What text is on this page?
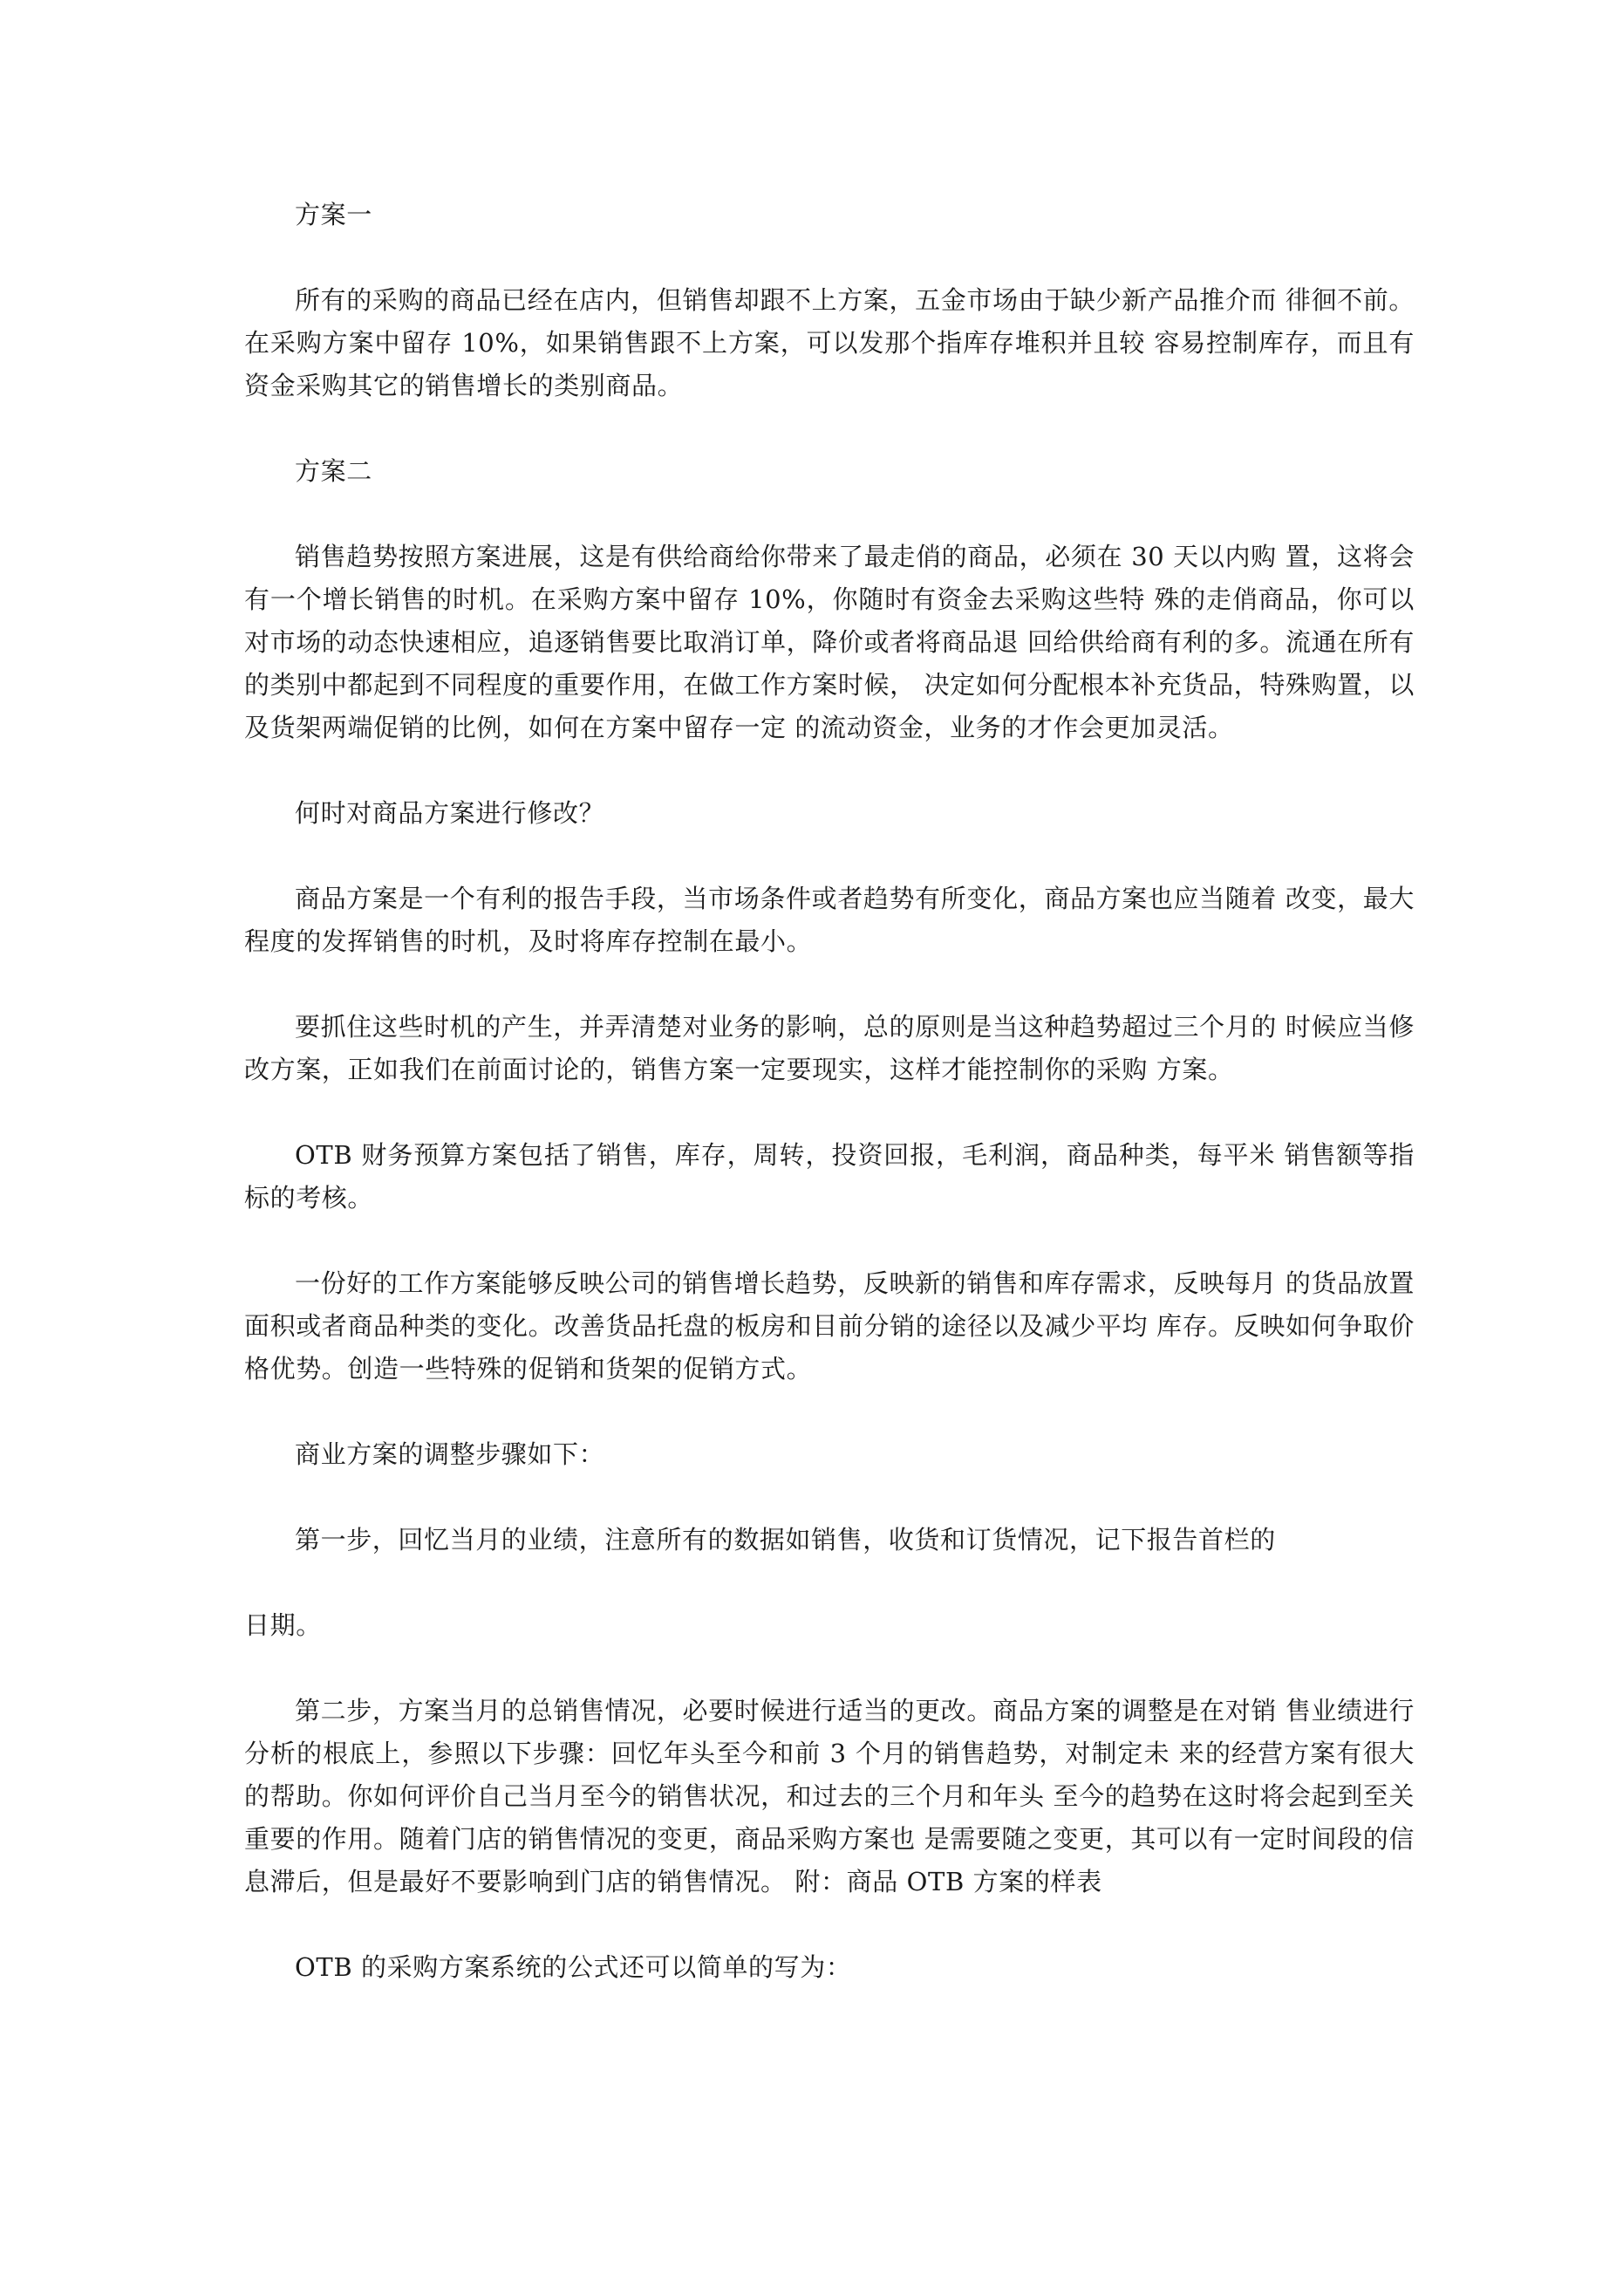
方案一

所有的采购的商品已经在店内，但销售却跟不上方案，五金市场由于缺少新产品推介而 徘徊不前。在采购方案中留存 10%，如果销售跟不上方案，可以发那个指库存堆积并且较 容易控制库存，而且有资金采购其它的销售增长的类别商品。

方案二

销售趋势按照方案进展，这是有供给商给你带来了最走俏的商品，必须在 30 天以内购 置，这将会有一个增长销售的时机。在采购方案中留存 10%，你随时有资金去采购这些特 殊的走俏商品，你可以对市场的动态快速相应，追逐销售要比取消订单，降价或者将商品退 回给供给商有利的多。流通在所有的类别中都起到不同程度的重要作用，在做工作方案时候， 决定如何分配根本补充货品，特殊购置，以及货架两端促销的比例，如何在方案中留存一定 的流动资金，业务的才作会更加灵活。

何时对商品方案进行修改？

商品方案是一个有利的报告手段，当市场条件或者趋势有所变化，商品方案也应当随着 改变，最大程度的发挥销售的时机，及时将库存控制在最小。

要抓住这些时机的产生，并弄清楚对业务的影响，总的原则是当这种趋势超过三个月的 时候应当修改方案，正如我们在前面讨论的，销售方案一定要现实，这样才能控制你的采购 方案。

OTB 财务预算方案包括了销售，库存，周转，投资回报，毛利润，商品种类，每平米 销售额等指标的考核。

一份好的工作方案能够反映公司的销售增长趋势，反映新的销售和库存需求，反映每月 的货品放置面积或者商品种类的变化。改善货品托盘的板房和目前分销的途径以及减少平均 库存。反映如何争取价格优势。创造一些特殊的促销和货架的促销方式。

商业方案的调整步骤如下：

第一步，回忆当月的业绩，注意所有的数据如销售，收货和订货情况，记下报告首栏的

日期。

第二步，方案当月的总销售情况，必要时候进行适当的更改。商品方案的调整是在对销 售业绩进行分析的根底上，参照以下步骤：回忆年头至今和前 3 个月的销售趋势，对制定未 来的经营方案有很大的帮助。你如何评价自己当月至今的销售状况，和过去的三个月和年头 至今的趋势在这时将会起到至关重要的作用。随着门店的销售情况的变更，商品采购方案也 是需要随之变更，其可以有一定时间段的信息滞后，但是最好不要影响到门店的销售情况。 附：商品 OTB 方案的样表

OTB 的采购方案系统的公式还可以简单的写为：
